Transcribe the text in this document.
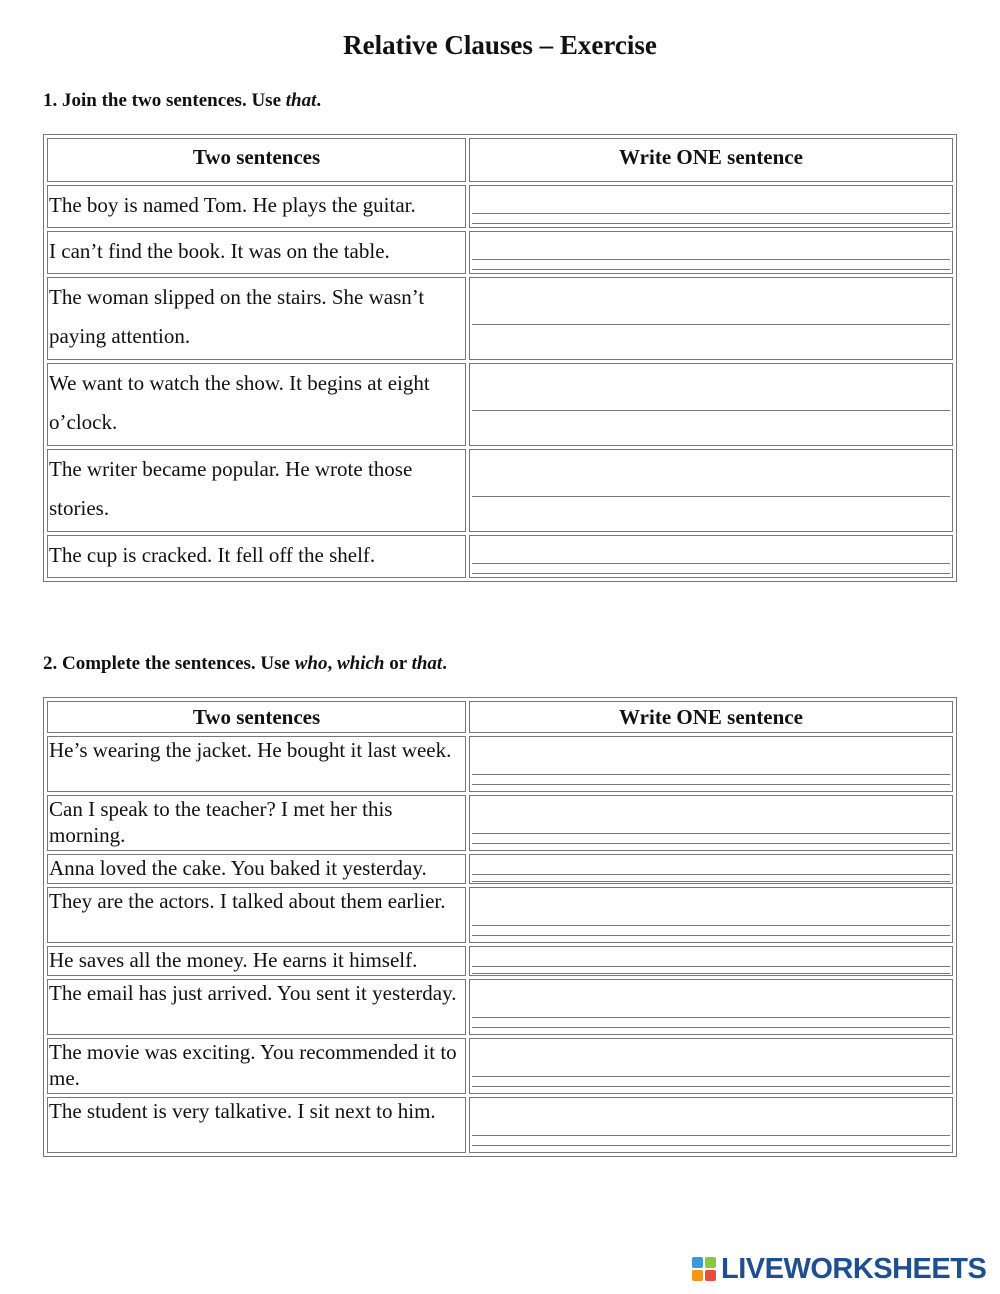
Relative Clauses – Exercise
1. Join the two sentences. Use that.
Two sentences	Write ONE sentence
The boy is named Tom. He plays the guitar.	

I can’t find the book. It was on the table.	

The woman slipped on the stairs. She wasn’t paying attention.	

We want to watch the show. It begins at eight o’clock.	

The writer became popular. He wrote those stories.	

The cup is cracked. It fell off the shelf.	
2. Complete the sentences. Use who, which or that.
Two sentences	Write ONE sentence
He’s wearing the jacket. He bought it last week.	

Can I speak to the teacher? I met her this morning.	

Anna loved the cake. You baked it yesterday.	

They are the actors. I talked about them earlier.	

He saves all the money. He earns it himself.	

The email has just arrived. You sent it yesterday.	

The movie was exciting. You recommended it to me.	

The student is very talkative. I sit next to him.	
LIVEWORKSHEETS
